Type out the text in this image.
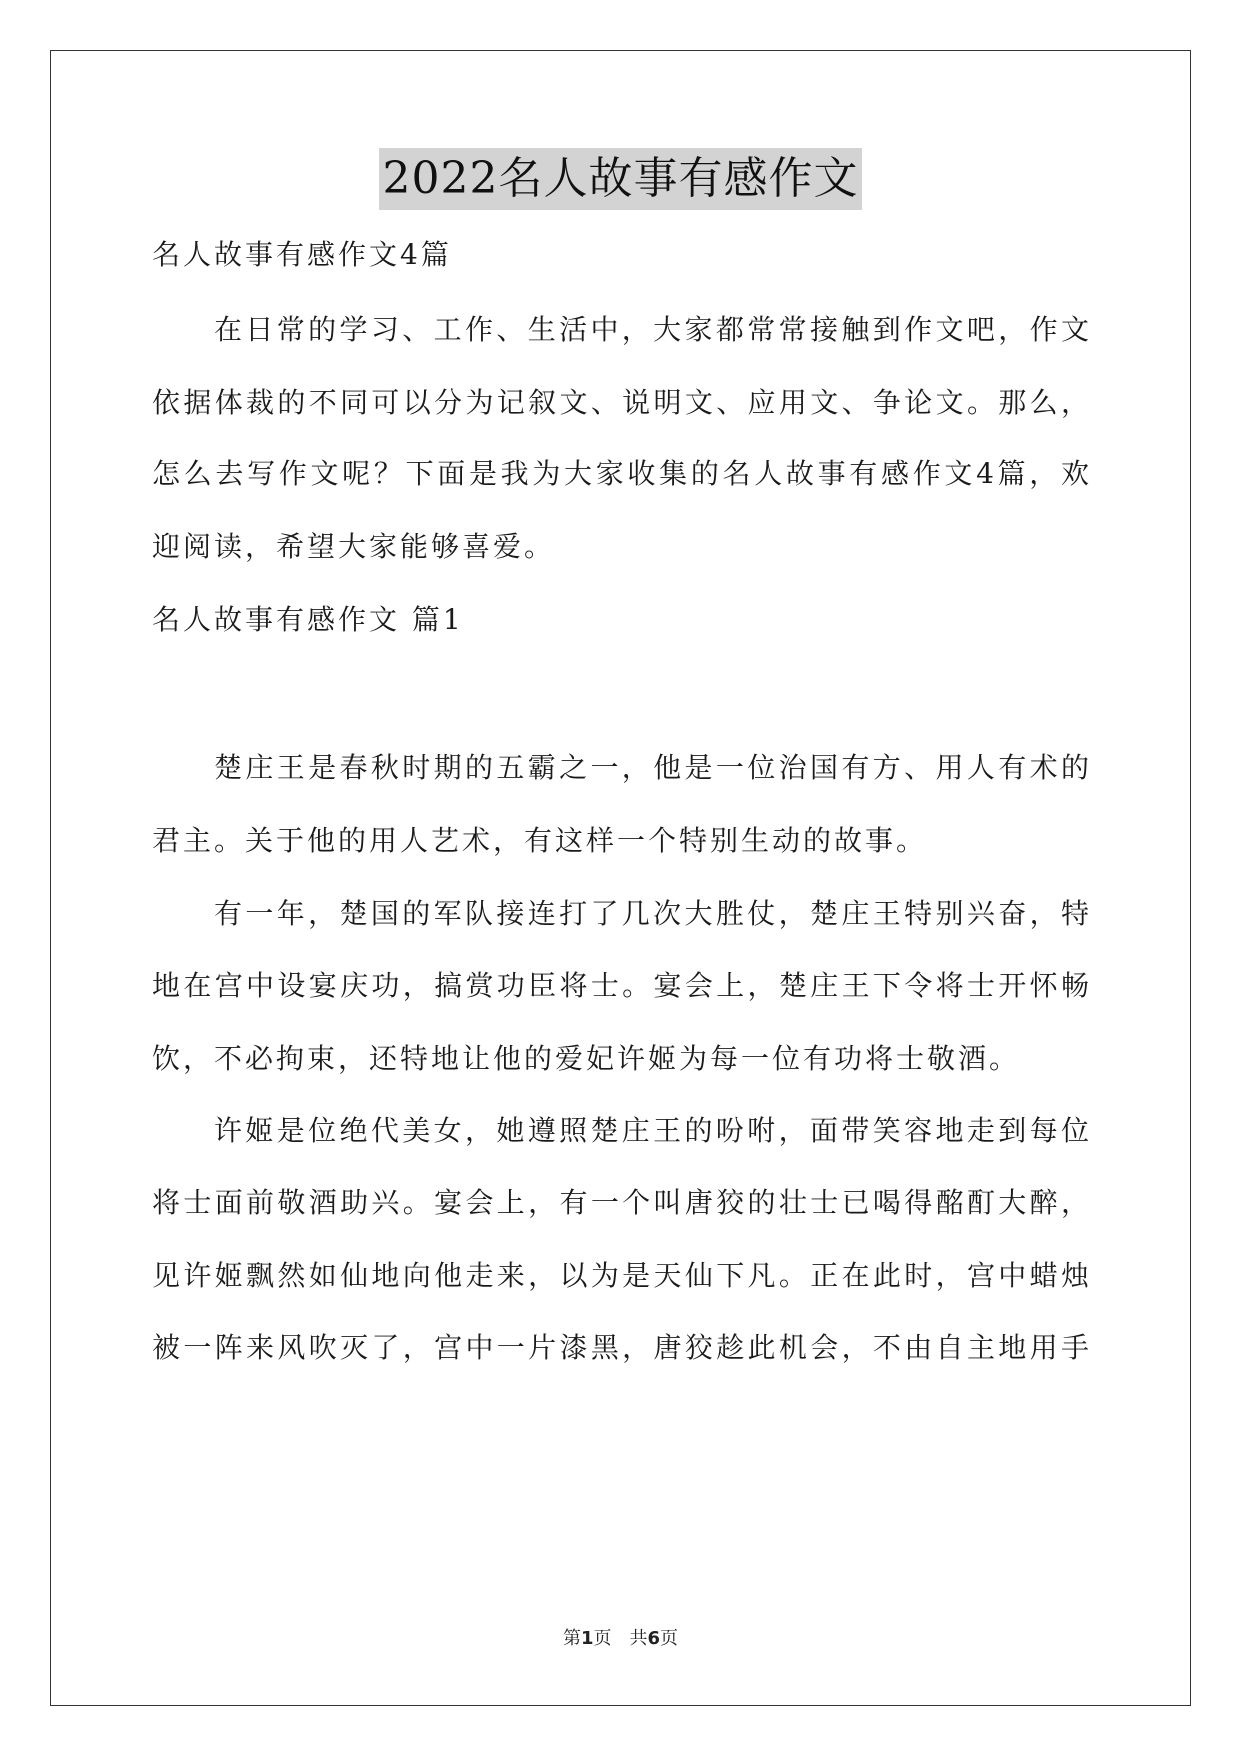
2022名人故事有感作文
名人故事有感作文4篇
在日常的学习、工作、生活中，大家都常常接触到作文吧，作文
依据体裁的不同可以分为记叙文、说明文、应用文、争论文。那么，
怎么去写作文呢？下面是我为大家收集的名人故事有感作文4篇，欢
迎阅读，希望大家能够喜爱。
名人故事有感作文 篇1
楚庄王是春秋时期的五霸之一，他是一位治国有方、用人有术的
君主。关于他的用人艺术，有这样一个特别生动的故事。
有一年，楚国的军队接连打了几次大胜仗，楚庄王特别兴奋，特
地在宫中设宴庆功，搞赏功臣将士。宴会上，楚庄王下令将士开怀畅
饮，不必拘束，还特地让他的爱妃许姬为每一位有功将士敬酒。
许姬是位绝代美女，她遵照楚庄王的吩咐，面带笑容地走到每位
将士面前敬酒助兴。宴会上，有一个叫唐狡的壮士已喝得酩酊大醉，
见许姬飘然如仙地向他走来，以为是天仙下凡。正在此时，宫中蜡烛
被一阵来风吹灭了，宫中一片漆黑，唐狡趁此机会，不由自主地用手
第1页　共6页
